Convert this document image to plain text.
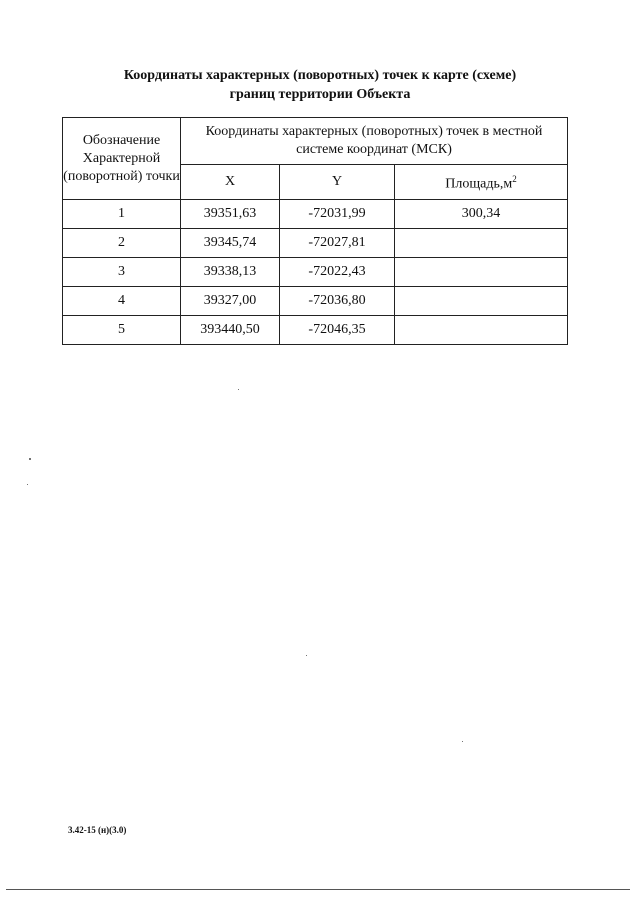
Координаты характерных (поворотных) точек к карте (схеме)
границ территории Объекта
Обозначение Характерной (поворотной) точки	Координаты характерных (поворотных) точек в местной системе координат (МСК)		
	X	Y	$Площадь,м^2$
1	39351,63	-72031,99	300,34
2	39345,74	-72027,81	
3	39338,13	-72022,43	
4	39327,00	-72036,80	
5	393440,50	-72046,35	
3.42-15 (н)(3.0)
